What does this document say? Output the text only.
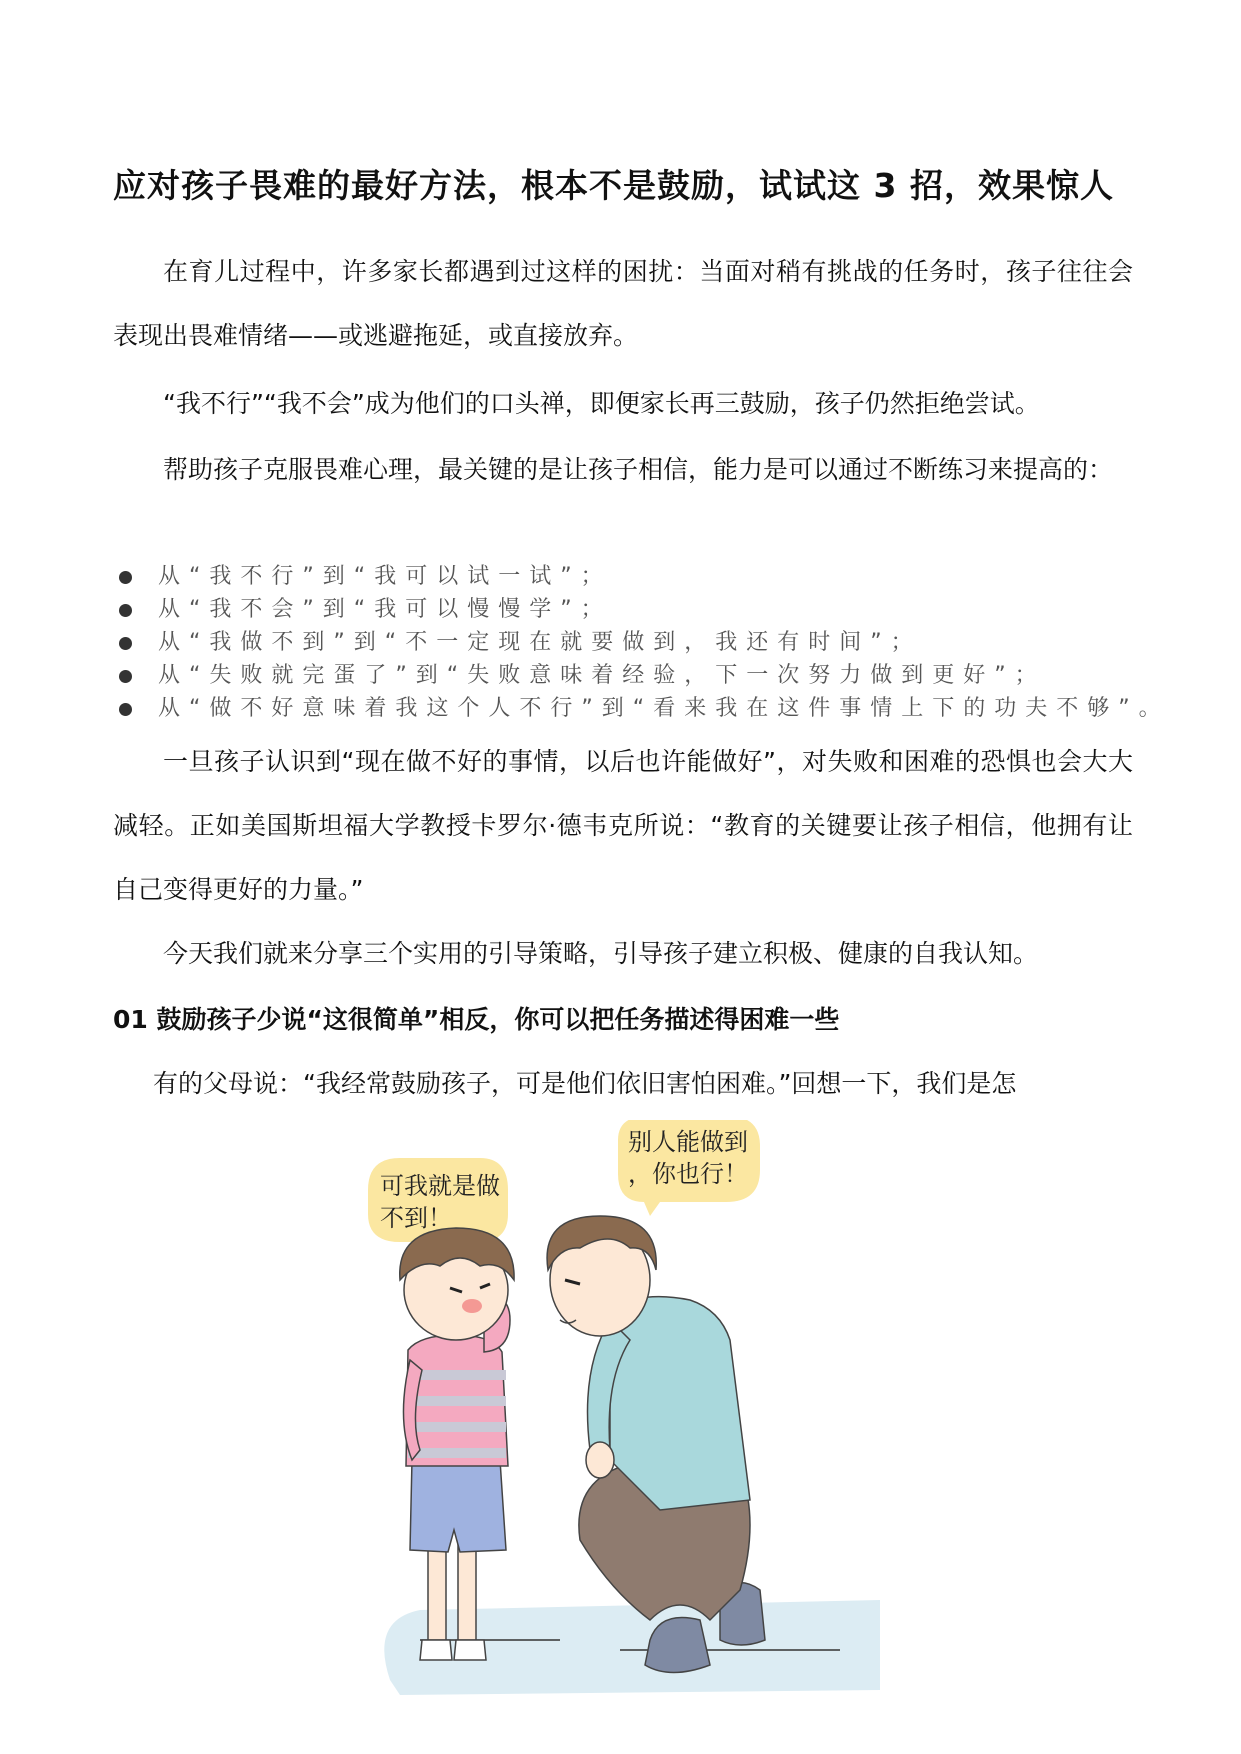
应对孩子畏难的最好方法，根本不是鼓励，试试这 3 招，效果惊人

在育儿过程中，许多家长都遇到过这样的困扰：当面对稍有挑战的任务时，孩子往往会表现出畏难情绪——或逃避拖延，或直接放弃。

“我不行”“我不会”成为他们的口头禅，即便家长再三鼓励，孩子仍然拒绝尝试。

帮助孩子克服畏难心理，最关键的是让孩子相信，能力是可以通过不断练习来提高的：

从“我不行”到“我可以试一试”；
从“我不会”到“我可以慢慢学”；
从“我做不到”到“不一定现在就要做到，我还有时间”；
从“失败就完蛋了”到“失败意味着经验，下一次努力做到更好”；
从“做不好意味着我这个人不行”到“看来我在这件事情上下的功夫不够”。

一旦孩子认识到“现在做不好的事情，以后也许能做好”，对失败和困难的恐惧也会大大减轻。正如美国斯坦福大学教授卡罗尔·德韦克所说：“教育的关键要让孩子相信，他拥有让自己变得更好的力量。”

今天我们就来分享三个实用的引导策略，引导孩子建立积极、健康的自我认知。

01 鼓励孩子少说“这很简单”相反，你可以把任务描述得困难一些

有的父母说：“我经常鼓励孩子，可是他们依旧害怕困难。”回想一下，我们是怎

可我就是做
不到！
别人能做到
，你也行！
